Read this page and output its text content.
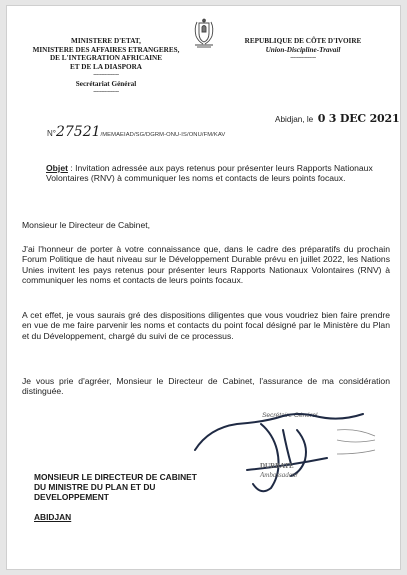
MINISTERE D'ETAT,
MINISTERE DES AFFAIRES ETRANGERES,
DE L'INTEGRATION AFRICAINE
ET DE LA DIASPORA
----------------
Secrétariat Général
----------------
REPUBLIQUE DE CÔTE D'IVOIRE
Union-Discipline-Travail
----------------
Abidjan, le 0 3 DEC 2021
N°27521/MEMAEIAD/SG/DGRM-ONU-IS/ONU/FM/KAV
Objet : Invitation adressée aux pays retenus pour présenter leurs Rapports Nationaux Volontaires (RNV) à communiquer les noms et contacts de leurs points focaux.
Monsieur le Directeur de Cabinet,
J'ai l'honneur de porter à votre connaissance que, dans le cadre des préparatifs du prochain Forum Politique de haut niveau sur le Développement Durable prévu en juillet 2022, les Nations Unies invitent les pays retenus pour présenter leurs Rapports Nationaux Volontaires (RNV) à communiquer les noms et contacts de leurs points focaux.
A cet effet, je vous saurais gré des dispositions diligentes que vous voudriez bien faire prendre en vue de me faire parvenir les noms et contacts du point focal désigné par le Ministère du Plan et du Développement, chargé du suivi de ce processus.
Je vous prie d'agréer, Monsieur le Directeur de Cabinet, l'assurance de ma considération distinguée.
Secrétaire Général
DURBATE
Ambassadeur
MONSIEUR LE DIRECTEUR DE CABINET
DU MINISTRE DU PLAN ET DU
DEVELOPPEMENT
ABIDJAN
